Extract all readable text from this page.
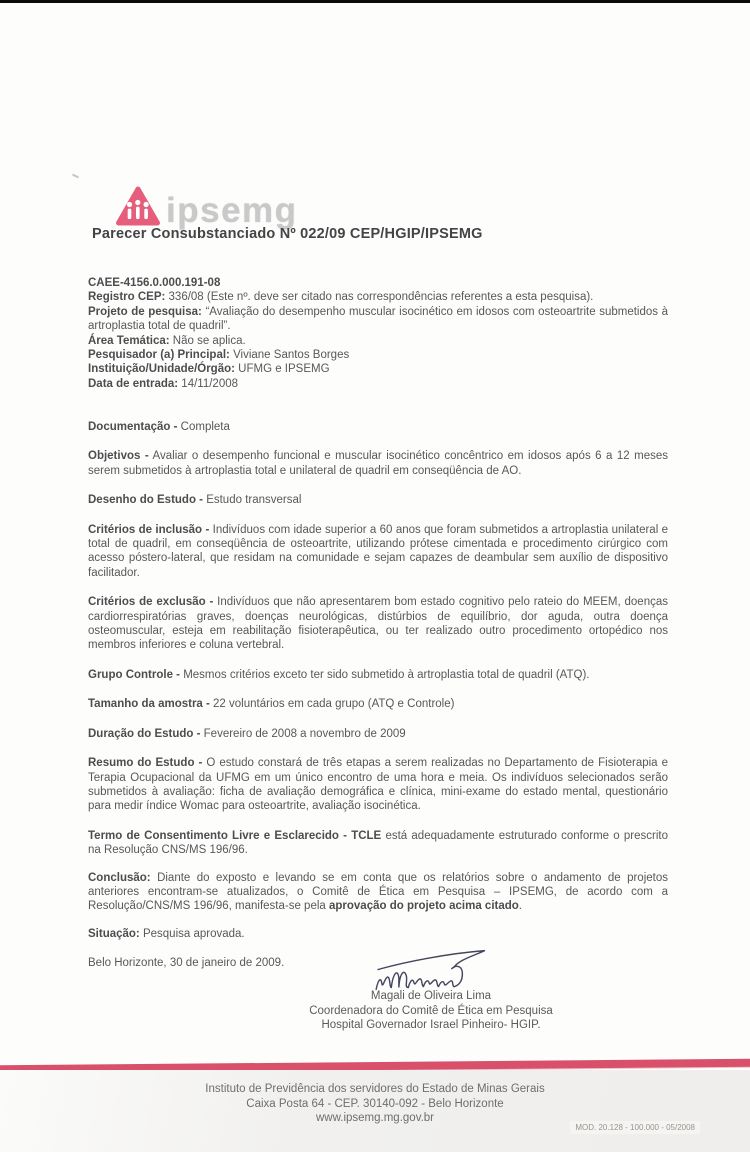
ipsemg
Parecer Consubstanciado Nº 022/09 CEP/HGIP/IPSEMG

CAEE-4156.0.000.191-08

Registro CEP: 336/08 (Este nº. deve ser citado nas correspondências referentes a esta pesquisa).

Projeto de pesquisa: “Avaliação do desempenho muscular isocinético em idosos com osteoartrite submetidos à artroplastia total de quadril”.

Área Temática: Não se aplica.

Pesquisador (a) Principal: Viviane Santos Borges

Instituição/Unidade/Órgão: UFMG e IPSEMG

Data de entrada: 14/11/2008

Documentação - Completa

Objetivos - Avaliar o desempenho funcional e muscular isocinético concêntrico em idosos após 6 a 12 meses serem submetidos à artroplastia total e unilateral de quadril em conseqüência de AO.

Desenho do Estudo - Estudo transversal

Critérios de inclusão - Indivíduos com idade superior a 60 anos que foram submetidos a artroplastia unilateral e total de quadril, em conseqüência de osteoartrite, utilizando prótese cimentada e procedimento cirúrgico com acesso póstero-lateral, que residam na comunidade e sejam capazes de deambular sem auxílio de dispositivo facilitador.

Critérios de exclusão - Indivíduos que não apresentarem bom estado cognitivo pelo rateio do MEEM, doenças cardiorrespiratórias graves, doenças neurológicas, distúrbios de equilíbrio, dor aguda, outra doença osteomuscular, esteja em reabilitação fisioterapêutica, ou ter realizado outro procedimento ortopédico nos membros inferiores e coluna vertebral.

Grupo Controle - Mesmos critérios exceto ter sido submetido à artroplastia total de quadril (ATQ).

Tamanho da amostra - 22 voluntários em cada grupo (ATQ e Controle)

Duração do Estudo - Fevereiro de 2008 a novembro de 2009

Resumo do Estudo - O estudo constará de três etapas a serem realizadas no Departamento de Fisioterapia e Terapia Ocupacional da UFMG em um único encontro de uma hora e meia. Os indivíduos selecionados serão submetidos à avaliação: ficha de avaliação demográfica e clínica, mini-exame do estado mental, questionário para medir índice Womac para osteoartrite, avaliação isocinética.

Termo de Consentimento Livre e Esclarecido - TCLE está adequadamente estruturado conforme o prescrito na Resolução CNS/MS 196/96.

Conclusão: Diante do exposto e levando se em conta que os relatórios sobre o andamento de projetos anteriores encontram-se atualizados, o Comitê de Ética em Pesquisa – IPSEMG, de acordo com a Resolução/CNS/MS 196/96, manifesta-se pela aprovação do projeto acima citado.

Situação: Pesquisa aprovada.

Belo Horizonte, 30 de janeiro de 2009.

Magali de Oliveira Lima
Coordenadora do Comitê de Ética em Pesquisa
Hospital Governador Israel Pinheiro- HGIP.
Instituto de Previdência dos servidores do Estado de Minas Gerais
Caixa Posta 64 - CEP. 30140-092 - Belo Horizonte
www.ipsemg.mg.gov.br
MOD. 20.128 - 100.000 - 05/2008
